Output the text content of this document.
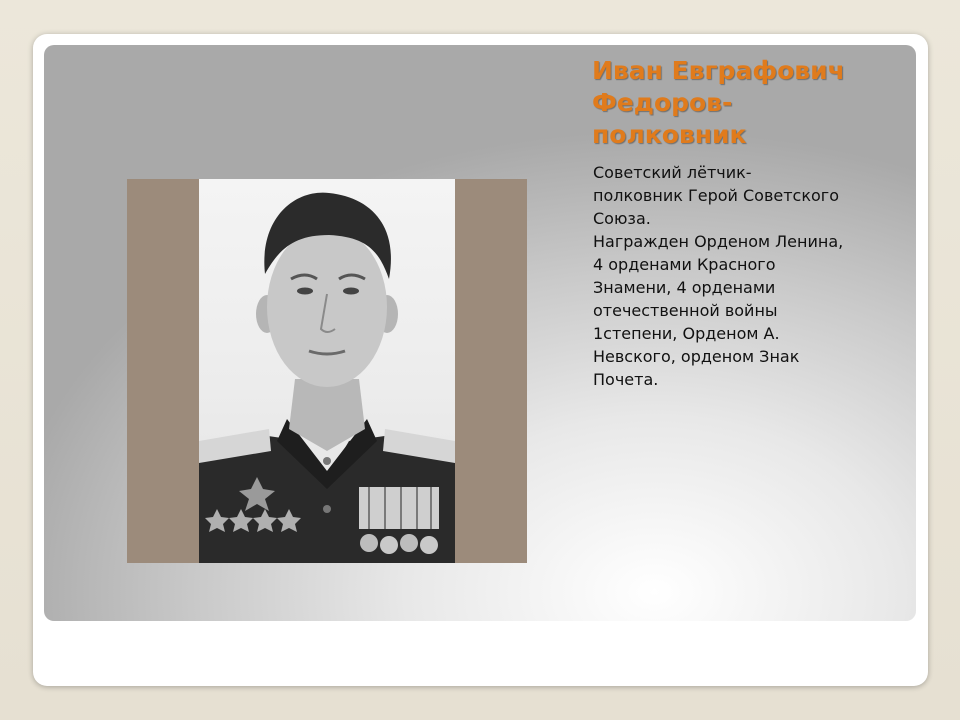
Иван Евграфович
Федоров-
полковник
Советский лётчик-
полковник Герой Советского
Союза.
Награжден Орденом Ленина,
4 орденами Красного
Знамени, 4 орденами
отечественной войны
1степени, Орденом А.
Невского, орденом Знак
Почета.
